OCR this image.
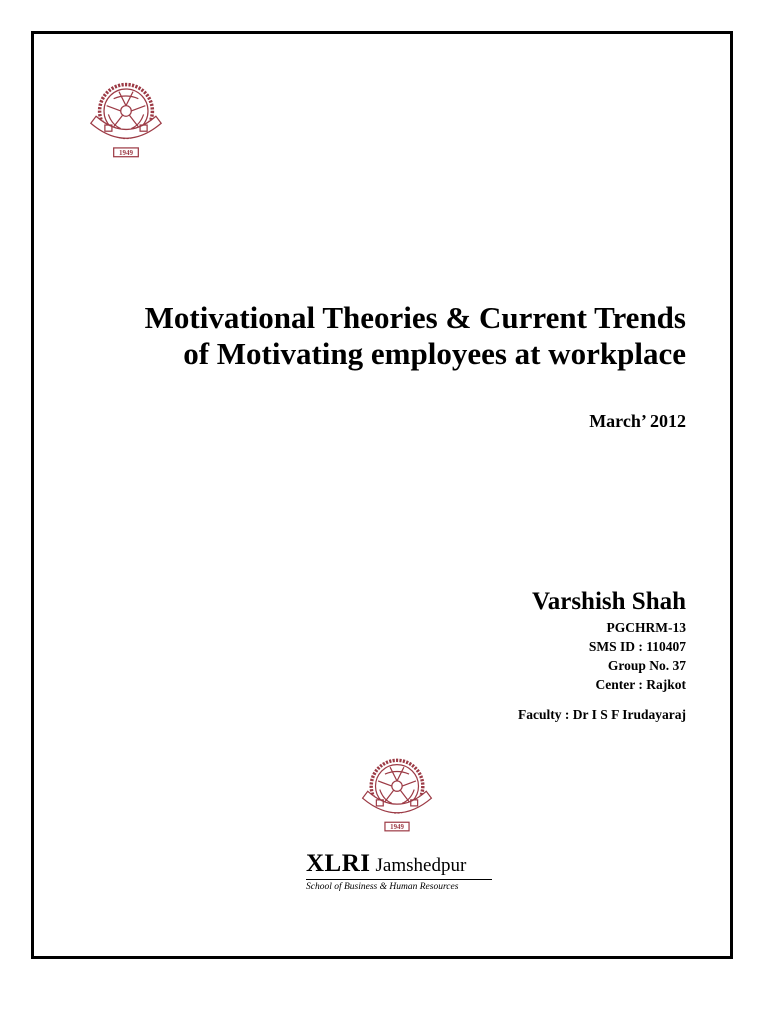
1949
Motivational Theories & Current Trends
of Motivating employees at workplace
March’ 2012
Varshish Shah
PGCHRM-13
SMS ID : 110407
Group No. 37
Center : Rajkot
Faculty : Dr I S F Irudayaraj
1949
XLRI Jamshedpur
School of Business & Human Resources
